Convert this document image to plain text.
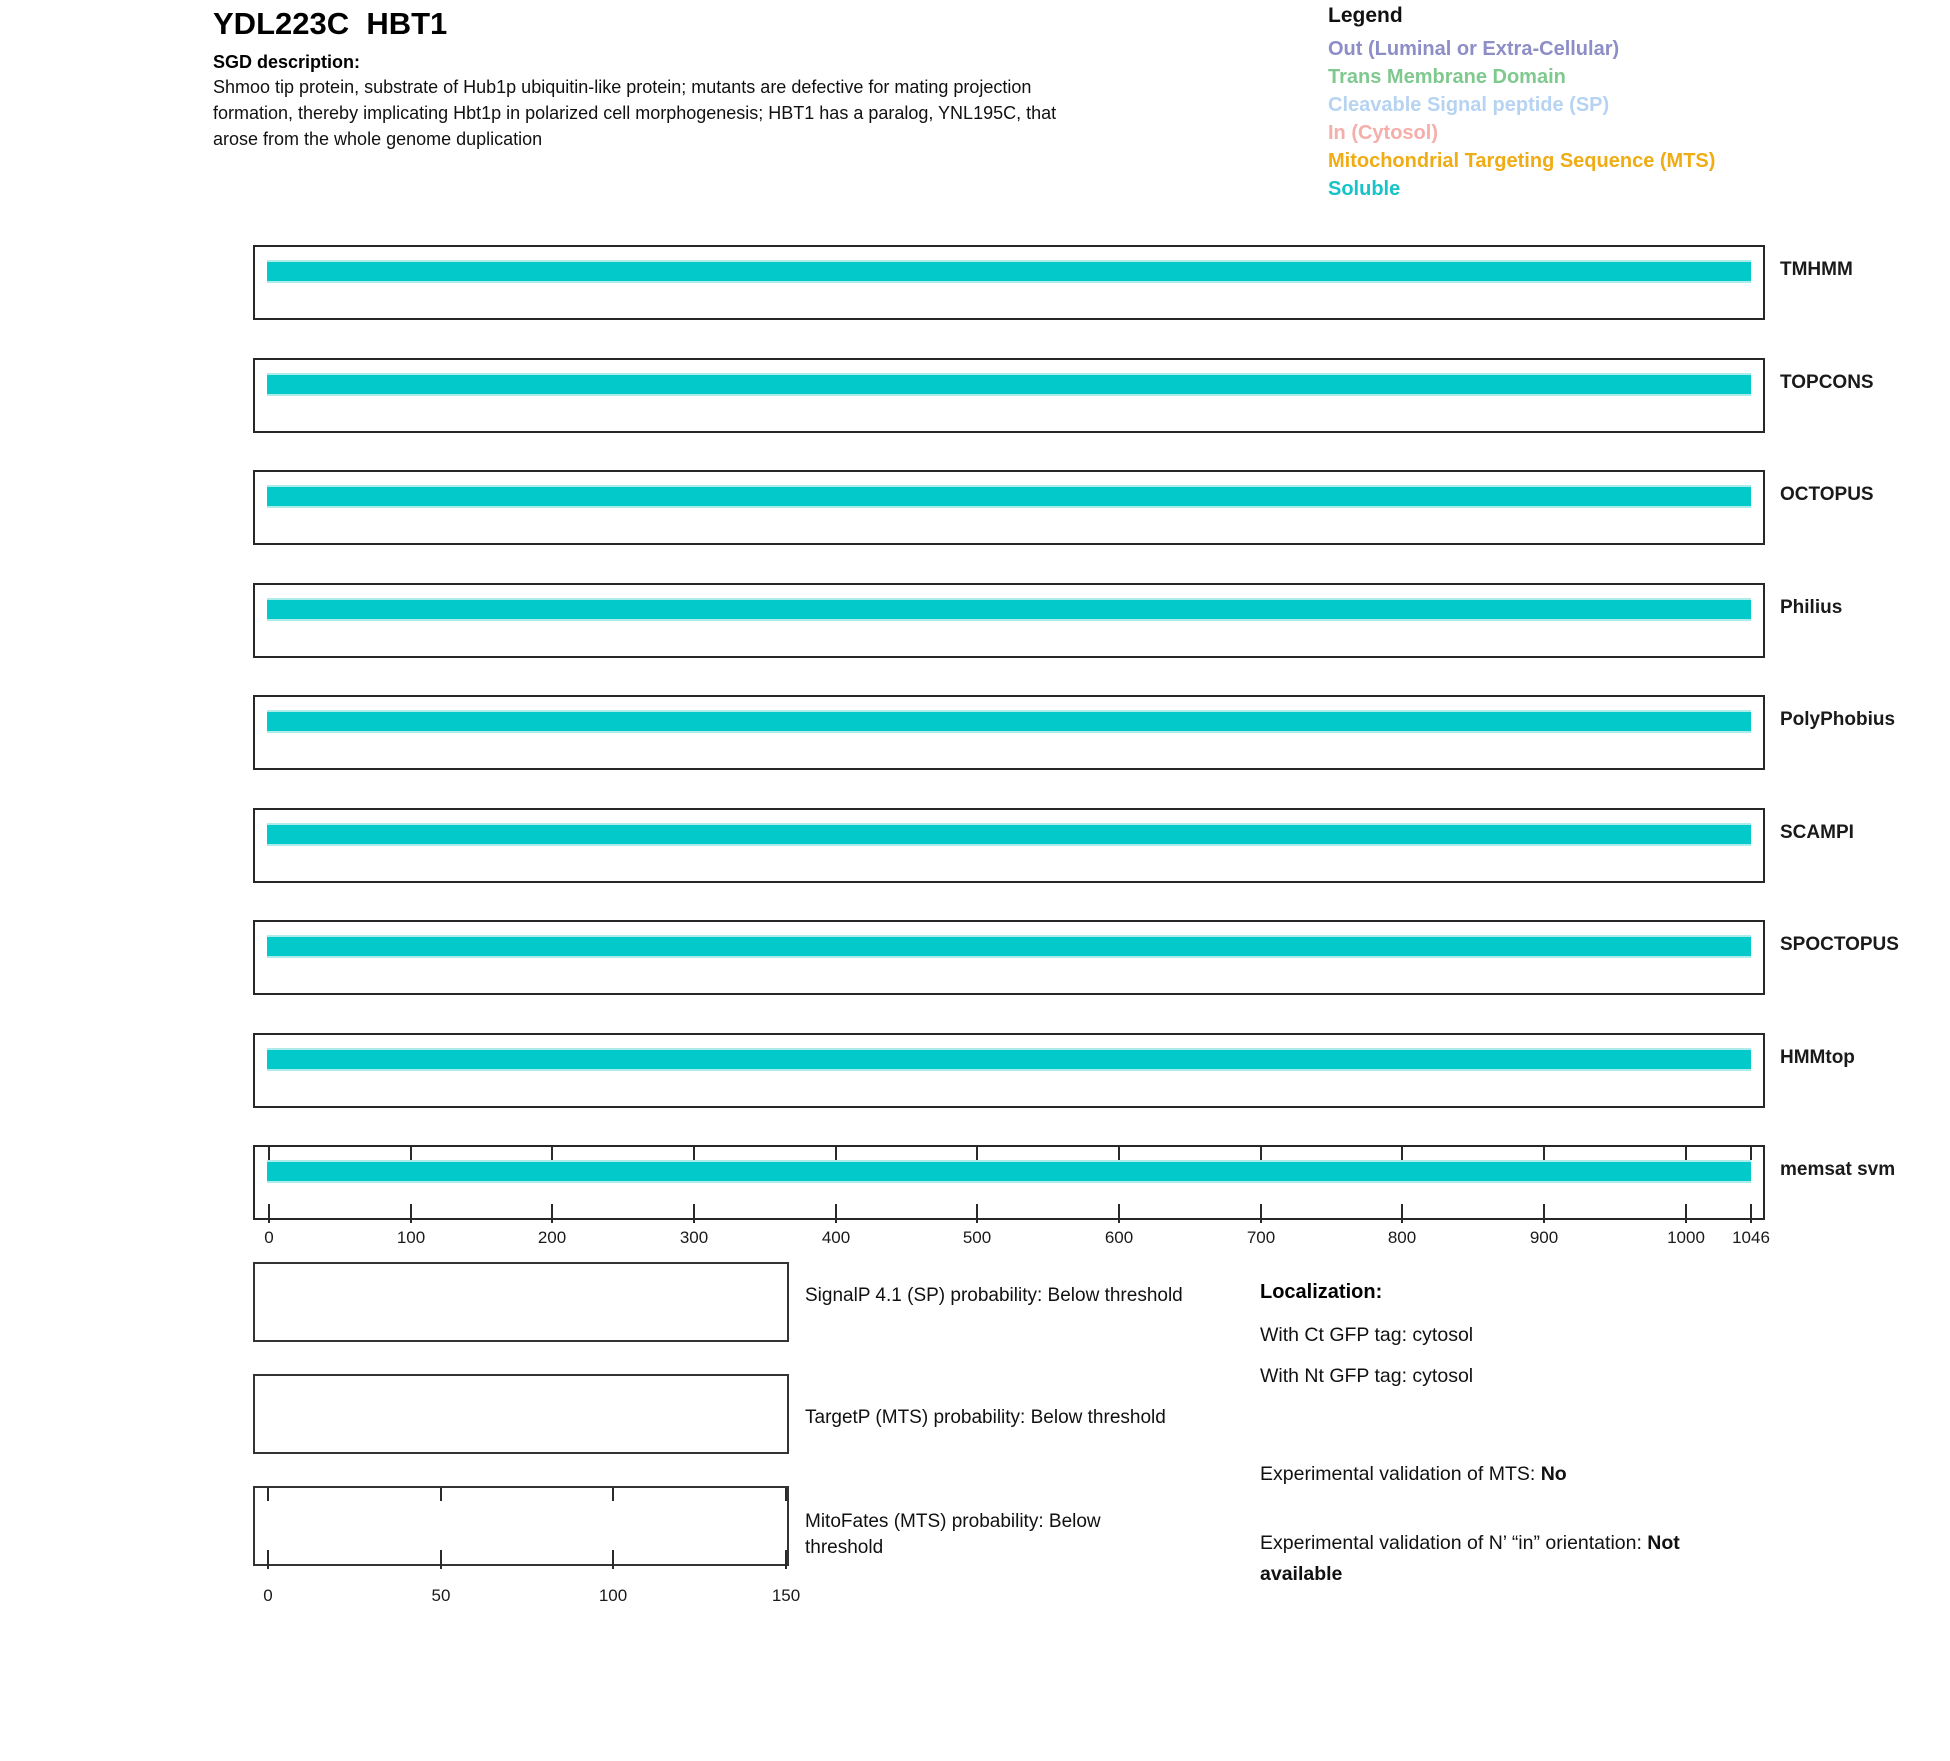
YDL223C  HBT1
SGD description:
Shmoo tip protein, substrate of Hub1p ubiquitin-like protein; mutants are defective for mating projection
formation, thereby implicating Hbt1p in polarized cell morphogenesis; HBT1 has a paralog, YNL195C, that
arose from the whole genome duplication
Legend
Out (Luminal or Extra-Cellular)
Trans Membrane Domain
Cleavable Signal peptide (SP)
In (Cytosol)
Mitochondrial Targeting Sequence (MTS)
Soluble
TMHMM
TOPCONS
OCTOPUS
Philius
PolyPhobius
SCAMPI
SPOCTOPUS
HMMtop
memsat svm
0	100	200	300	400	500	600	700	800	900	1000 1046
SignalP 4.1 (SP) probability: Below threshold
TargetP (MTS) probability: Below threshold
MitoFates (MTS) probability: Below threshold
0	50	100	150
Localization:
With Ct GFP tag: cytosol
With Nt GFP tag: cytosol
Experimental validation of MTS: No
Experimental validation of N’ “in” orientation: Not available
